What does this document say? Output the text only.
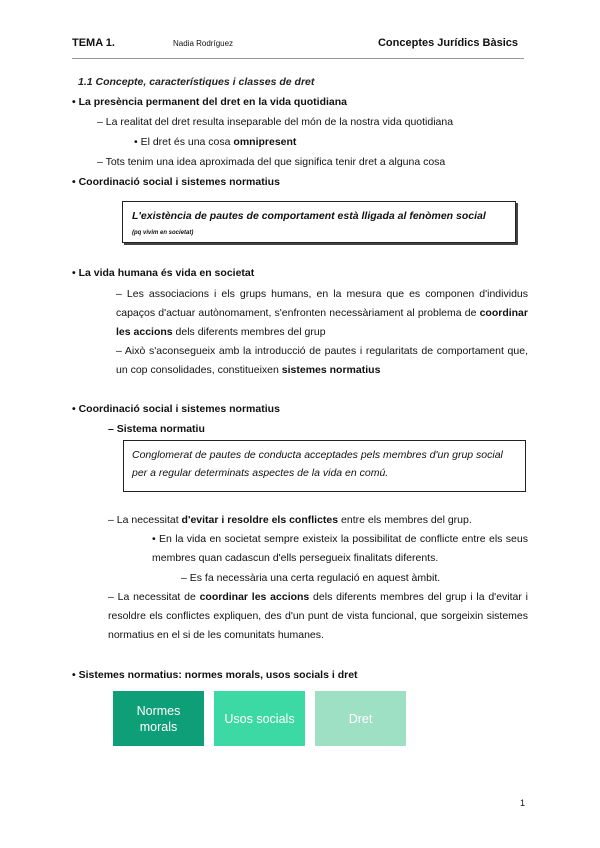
TEMA 1.	Nadia Rodríguez	Conceptes Jurídics Bàsics
1.1 Concepte, característiques i classes de dret
• La presència permanent del dret en la vida quotidiana
– La realitat del dret resulta inseparable del món de la nostra vida quotidiana
• El dret és una cosa omnipresent
– Tots tenim una idea aproximada del que significa tenir dret a alguna cosa
• Coordinació social i sistemes normatius
L'existència de pautes de comportament està lligada al fenòmen social
(pq vivim en societat)
• La vida humana és vida en societat
– Les associacions i els grups humans, en la mesura que es componen d'individus capaços d'actuar autònomament, s'enfronten necessàriament al problema de coordinar les accions dels diferents membres del grup
– Això s'aconsegueix amb la introducció de pautes i regularitats de comportament que, un cop consolidades, constitueixen sistemes normatius
• Coordinació social i sistemes normatius
– Sistema normatiu
Conglomerat de pautes de conducta acceptades pels membres d'un grup social per a regular determinats aspectes de la vida en comú.
– La necessitat d'evitar i resoldre els conflictes entre els membres del grup.
• En la vida en societat sempre existeix la possibilitat de conflicte entre els seus membres quan cadascun d'ells persegueix finalitats diferents.
– Es fa necessària una certa regulació en aquest àmbit.
– La necessitat de coordinar les accions dels diferents membres del grup i la d'evitar i resoldre els conflictes expliquen, des d'un punt de vista funcional, que sorgeixin sistemes normatius en el si de les comunitats humanes.
• Sistemes normatius: normes morals, usos socials i dret
Normes morals
Usos socials	Dret
1
